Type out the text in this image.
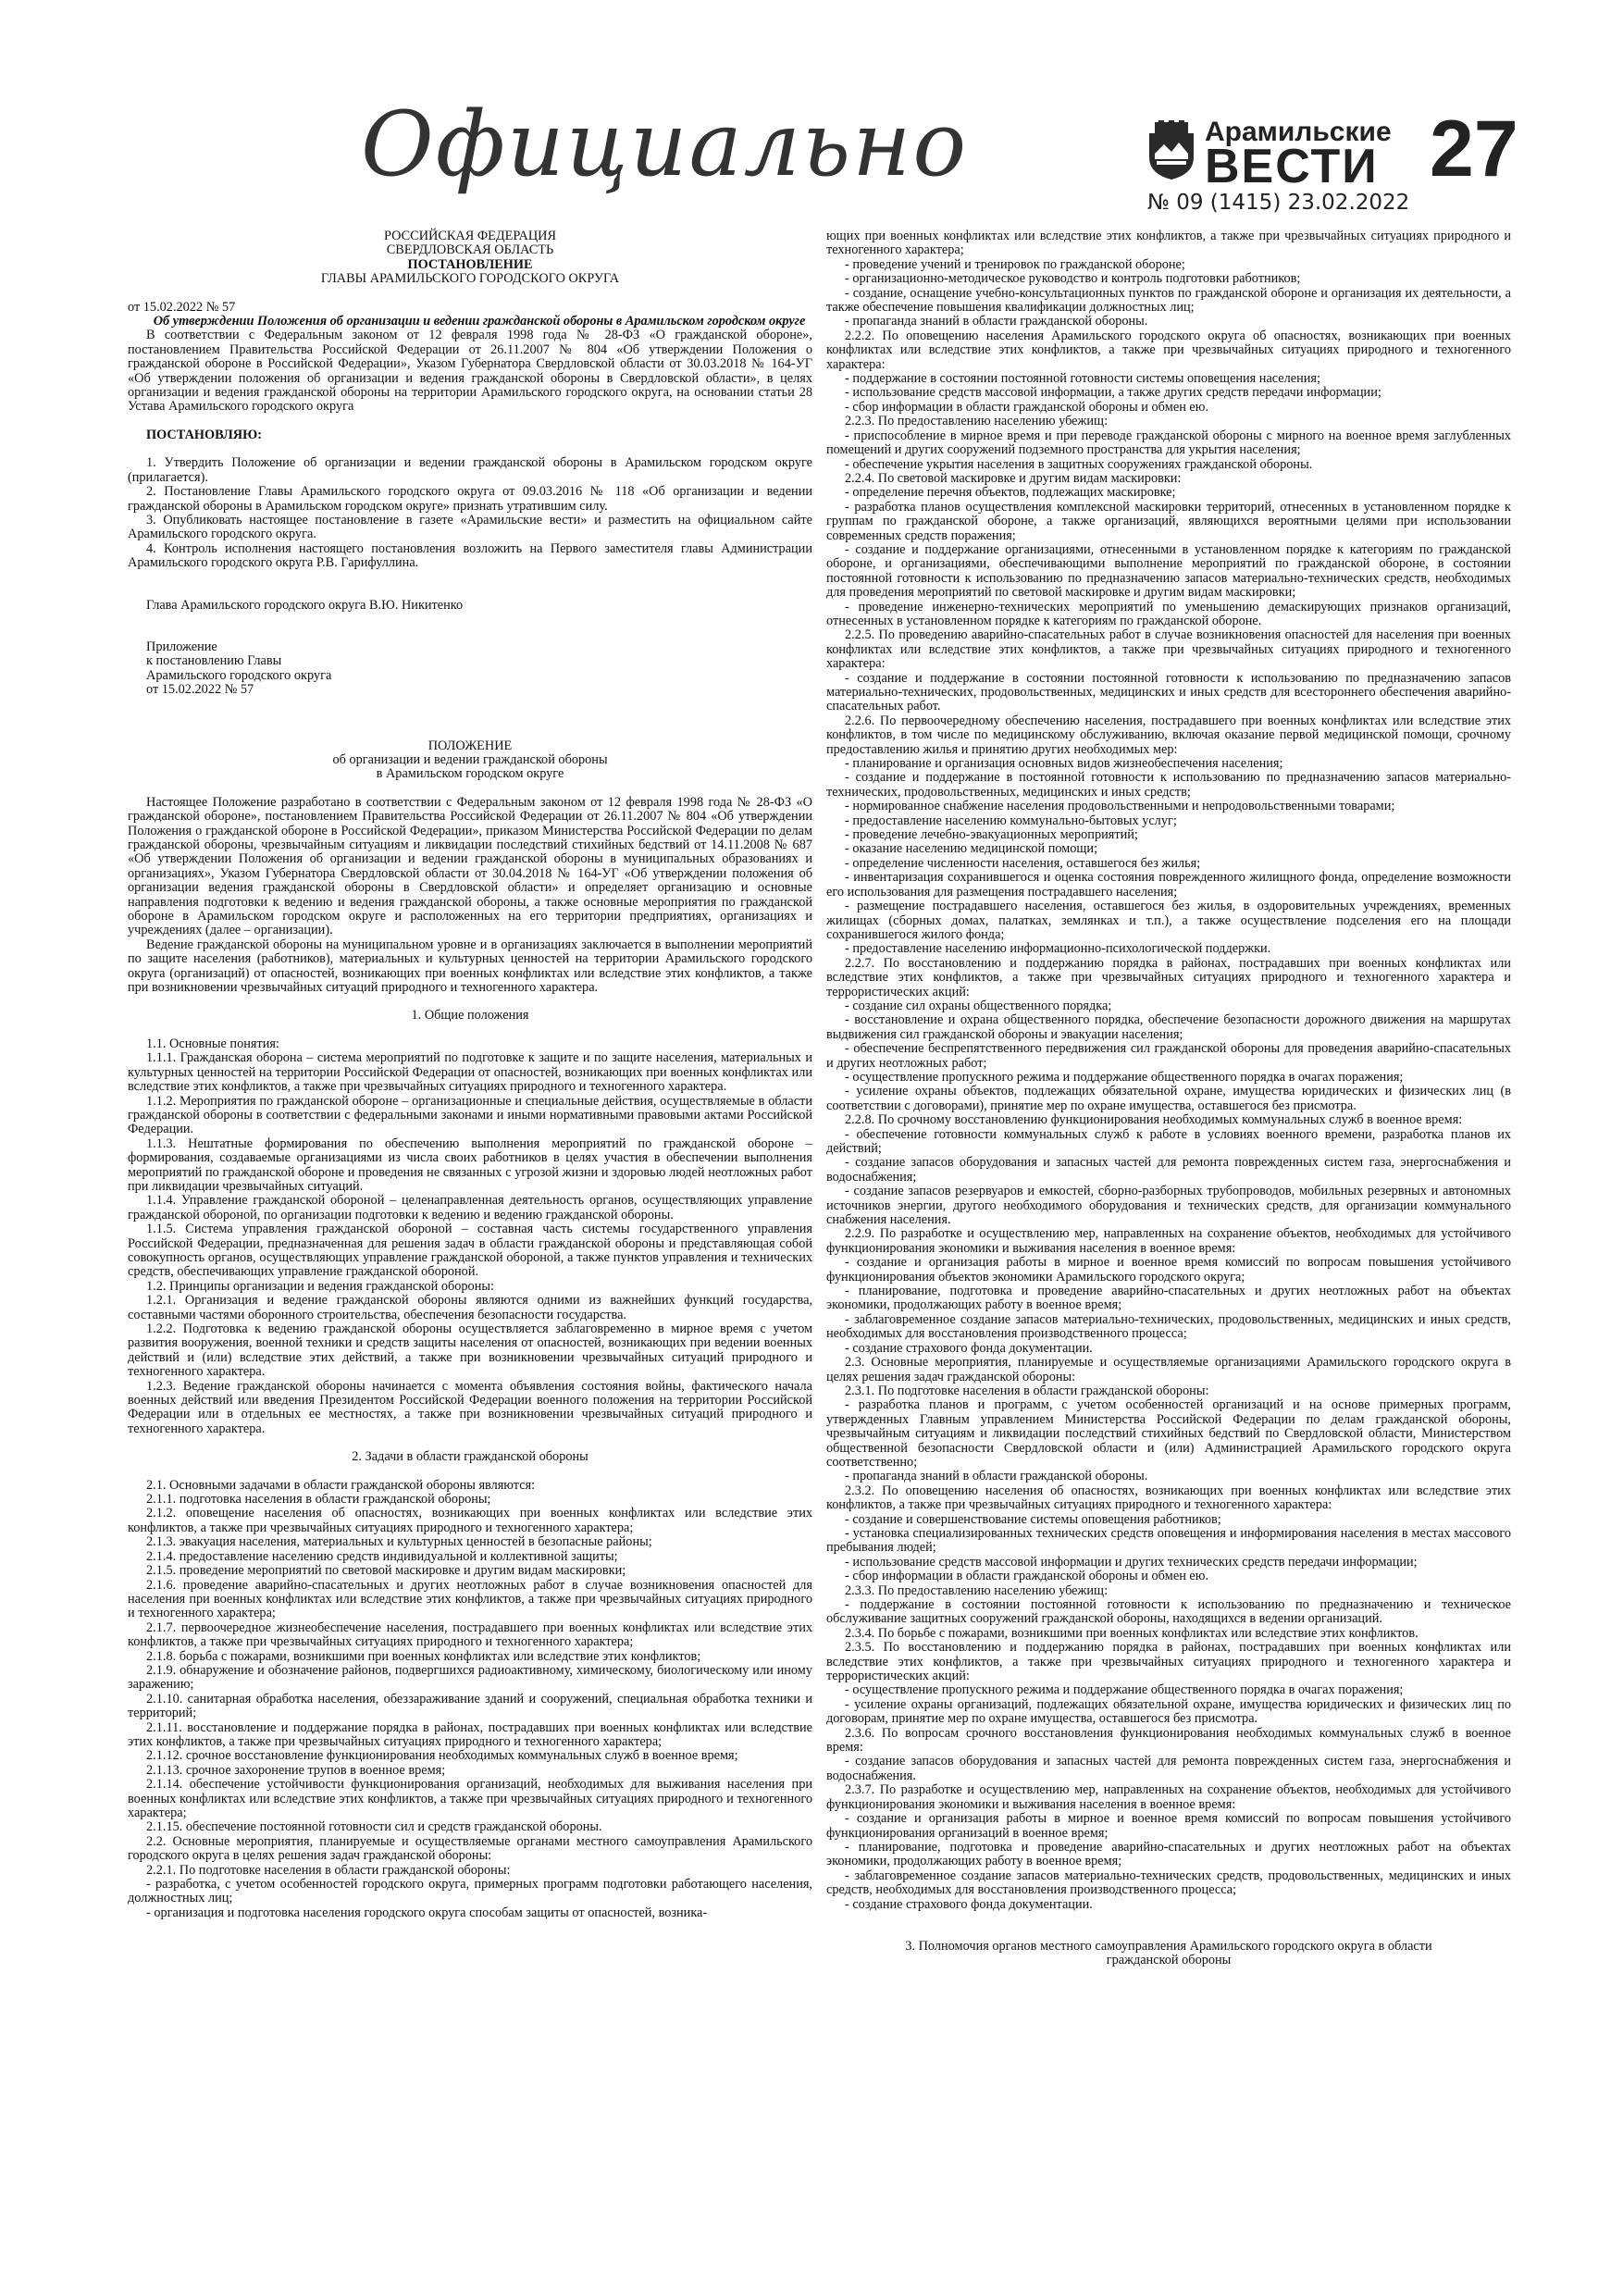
Официально	Арамильские
ВЕСТИ
№ 09 (1415) 23.02.2022
27
РОССИЙСКАЯ ФЕДЕРАЦИЯ
СВЕРДЛОВСКАЯ ОБЛАСТЬ
ПОСТАНОВЛЕНИЕ
ГЛАВЫ АРАМИЛЬСКОГО ГОРОДСКОГО ОКРУГА

от 15.02.2022 № 57

Об утверждении Положения об организации и ведении гражданской обороны в Арамильском городском округе

В соответствии с Федеральным законом от 12 февраля 1998 года № 28-ФЗ «О гражданской обороне», постановлением Правительства Российской Федерации от 26.11.2007 № 804 «Об утверждении Положения о гражданской обороне в Российской Федерации», Указом Губернатора Свердловской области от 30.03.2018 № 164-УГ «Об утверждении положения об организации и ведения гражданской обороны в Свердловской области», в целях организации и ведения гражданской обороны на территории Арамильского городского округа, на основании статьи 28 Устава Арамильского городского округа

ПОСТАНОВЛЯЮ:

1. Утвердить Положение об организации и ведении гражданской обороны в Арамильском городском округе (прилагается).

2. Постановление Главы Арамильского городского округа от 09.03.2016 № 118 «Об организации и ведении гражданской обороны в Арамильском городском округе» признать утратившим силу.

3. Опубликовать настоящее постановление в газете «Арамильские вести» и разместить на официальном сайте Арамильского городского округа.

4. Контроль исполнения настоящего постановления возложить на Первого заместителя главы Администрации Арамильского городского округа Р.В. Гарифуллина.

Глава Арамильского городского округа В.Ю. Никитенко

Приложение

к постановлению Главы

Арамильского городского округа

от 15.02.2022 № 57

ПОЛОЖЕНИЕ

об организации и ведении гражданской обороны

в Арамильском городском округе

Настоящее Положение разработано в соответствии с Федеральным законом от 12 февраля 1998 года № 28-ФЗ «О гражданской обороне», постановлением Правительства Российской Федерации от 26.11.2007 № 804 «Об утверждении Положения о гражданской обороне в Российской Федерации», приказом Министерства Российской Федерации по делам гражданской обороны, чрезвычайным ситуациям и ликвидации последствий стихийных бедствий от 14.11.2008 № 687 «Об утверждении Положения об организации и ведении гражданской обороны в муниципальных образованиях и организациях», Указом Губернатора Свердловской области от 30.04.2018 № 164-УГ «Об утверждении положения об организации ведения гражданской обороны в Свердловской области» и определяет организацию и основные направления подготовки к ведению и ведения гражданской обороны, а также основные мероприятия по гражданской обороне в Арамильском городском округе и расположенных на его территории предприятиях, организациях и учреждениях (далее – организации).

Ведение гражданской обороны на муниципальном уровне и в организациях заключается в выполнении мероприятий по защите населения (работников), материальных и культурных ценностей на территории Арамильского городского округа (организаций) от опасностей, возникающих при военных конфликтах или вследствие этих конфликтов, а также при возникновении чрезвычайных ситуаций природного и техногенного характера.

1. Общие положения

1.1. Основные понятия:

1.1.1. Гражданская оборона – система мероприятий по подготовке к защите и по защите населения, материальных и культурных ценностей на территории Российской Федерации от опасностей, возникающих при военных конфликтах или вследствие этих конфликтов, а также при чрезвычайных ситуациях природного и техногенного характера.

1.1.2. Мероприятия по гражданской обороне – организационные и специальные действия, осуществляемые в области гражданской обороны в соответствии с федеральными законами и иными нормативными правовыми актами Российской Федерации.

1.1.3. Нештатные формирования по обеспечению выполнения мероприятий по гражданской обороне – формирования, создаваемые организациями из числа своих работников в целях участия в обеспечении выполнения мероприятий по гражданской обороне и проведения не связанных с угрозой жизни и здоровью людей неотложных работ при ликвидации чрезвычайных ситуаций.

1.1.4. Управление гражданской обороной – целенаправленная деятельность органов, осуществляющих управление гражданской обороной, по организации подготовки к ведению и ведению гражданской обороны.

1.1.5. Система управления гражданской обороной – составная часть системы государственного управления Российской Федерации, предназначенная для решения задач в области гражданской обороны и представляющая собой совокупность органов, осуществляющих управление гражданской обороной, а также пунктов управления и технических средств, обеспечивающих управление гражданской обороной.

1.2. Принципы организации и ведения гражданской обороны:

1.2.1. Организация и ведение гражданской обороны являются одними из важнейших функций государства, составными частями оборонного строительства, обеспечения безопасности государства.

1.2.2. Подготовка к ведению гражданской обороны осуществляется заблаговременно в мирное время с учетом развития вооружения, военной техники и средств защиты населения от опасностей, возникающих при ведении военных действий и (или) вследствие этих действий, а также при возникновении чрезвычайных ситуаций природного и техногенного характера.

1.2.3. Ведение гражданской обороны начинается с момента объявления состояния войны, фактического начала военных действий или введения Президентом Российской Федерации военного положения на территории Российской Федерации или в отдельных ее местностях, а также при возникновении чрезвычайных ситуаций природного и техногенного характера.

2. Задачи в области гражданской обороны

2.1. Основными задачами в области гражданской обороны являются:

2.1.1. подготовка населения в области гражданской обороны;

2.1.2. оповещение населения об опасностях, возникающих при военных конфликтах или вследствие этих конфликтов, а также при чрезвычайных ситуациях природного и техногенного характера;

2.1.3. эвакуация населения, материальных и культурных ценностей в безопасные районы;

2.1.4. предоставление населению средств индивидуальной и коллективной защиты;

2.1.5. проведение мероприятий по световой маскировке и другим видам маскировки;

2.1.6. проведение аварийно-спасательных и других неотложных работ в случае возникновения опасностей для населения при военных конфликтах или вследствие этих конфликтов, а также при чрезвычайных ситуациях природного и техногенного характера;

2.1.7. первоочередное жизнеобеспечение населения, пострадавшего при военных конфликтах или вследствие этих конфликтов, а также при чрезвычайных ситуациях природного и техногенного характера;

2.1.8. борьба с пожарами, возникшими при военных конфликтах или вследствие этих конфликтов;

2.1.9. обнаружение и обозначение районов, подвергшихся радиоактивному, химическому, биологическому или иному заражению;

2.1.10. санитарная обработка населения, обеззараживание зданий и сооружений, специальная обработка техники и территорий;

2.1.11. восстановление и поддержание порядка в районах, пострадавших при военных конфликтах или вследствие этих конфликтов, а также при чрезвычайных ситуациях природного и техногенного характера;

2.1.12. срочное восстановление функционирования необходимых коммунальных служб в военное время;

2.1.13. срочное захоронение трупов в военное время;

2.1.14. обеспечение устойчивости функционирования организаций, необходимых для выживания населения при военных конфликтах или вследствие этих конфликтов, а также при чрезвычайных ситуациях природного и техногенного характера;

2.1.15. обеспечение постоянной готовности сил и средств гражданской обороны.

2.2. Основные мероприятия, планируемые и осуществляемые органами местного самоуправления Арамильского городского округа в целях решения задач гражданской обороны:

2.2.1. По подготовке населения в области гражданской обороны:

- разработка, с учетом особенностей городского округа, примерных программ подготовки работающего населения, должностных лиц;

- организация и подготовка населения городского округа способам защиты от опасностей, возника-

ющих при военных конфликтах или вследствие этих конфликтов, а также при чрезвычайных ситуациях природного и техногенного характера;

- проведение учений и тренировок по гражданской обороне;

- организационно-методическое руководство и контроль подготовки работников;

- создание, оснащение учебно-консультационных пунктов по гражданской обороне и организация их деятельности, а также обеспечение повышения квалификации должностных лиц;

- пропаганда знаний в области гражданской обороны.

2.2.2. По оповещению населения Арамильского городского округа об опасностях, возникающих при военных конфликтах или вследствие этих конфликтов, а также при чрезвычайных ситуациях природного и техногенного характера:

- поддержание в состоянии постоянной готовности системы оповещения населения;

- использование средств массовой информации, а также других средств передачи информации;

- сбор информации в области гражданской обороны и обмен ею.

2.2.3. По предоставлению населению убежищ:

- приспособление в мирное время и при переводе гражданской обороны с мирного на военное время заглубленных помещений и других сооружений подземного пространства для укрытия населения;

- обеспечение укрытия населения в защитных сооружениях гражданской обороны.

2.2.4. По световой маскировке и другим видам маскировки:

- определение перечня объектов, подлежащих маскировке;

- разработка планов осуществления комплексной маскировки территорий, отнесенных в установленном порядке к группам по гражданской обороне, а также организаций, являющихся вероятными целями при использовании современных средств поражения;

- создание и поддержание организациями, отнесенными в установленном порядке к категориям по гражданской обороне, и организациями, обеспечивающими выполнение мероприятий по гражданской обороне, в состоянии постоянной готовности к использованию по предназначению запасов материально-технических средств, необходимых для проведения мероприятий по световой маскировке и другим видам маскировки;

- проведение инженерно-технических мероприятий по уменьшению демаскирующих признаков организаций, отнесенных в установленном порядке к категориям по гражданской обороне.

2.2.5. По проведению аварийно-спасательных работ в случае возникновения опасностей для населения при военных конфликтах или вследствие этих конфликтов, а также при чрезвычайных ситуациях природного и техногенного характера:

- создание и поддержание в состоянии постоянной готовности к использованию по предназначению запасов материально-технических, продовольственных, медицинских и иных средств для всестороннего обеспечения аварийно-спасательных работ.

2.2.6. По первоочередному обеспечению населения, пострадавшего при военных конфликтах или вследствие этих конфликтов, в том числе по медицинскому обслуживанию, включая оказание первой медицинской помощи, срочному предоставлению жилья и принятию других необходимых мер:

- планирование и организация основных видов жизнеобеспечения населения;

- создание и поддержание в постоянной готовности к использованию по предназначению запасов материально-технических, продовольственных, медицинских и иных средств;

- нормированное снабжение населения продовольственными и непродовольственными товарами;

- предоставление населению коммунально-бытовых услуг;

- проведение лечебно-эвакуационных мероприятий;

- оказание населению медицинской помощи;

- определение численности населения, оставшегося без жилья;

- инвентаризация сохранившегося и оценка состояния поврежденного жилищного фонда, определение возможности его использования для размещения пострадавшего населения;

- размещение пострадавшего населения, оставшегося без жилья, в оздоровительных учреждениях, временных жилищах (сборных домах, палатках, землянках и т.п.), а также осуществление подселения его на площади сохранившегося жилого фонда;

- предоставление населению информационно-психологической поддержки.

2.2.7. По восстановлению и поддержанию порядка в районах, пострадавших при военных конфликтах или вследствие этих конфликтов, а также при чрезвычайных ситуациях природного и техногенного характера и террористических акций:

- создание сил охраны общественного порядка;

- восстановление и охрана общественного порядка, обеспечение безопасности дорожного движения на маршрутах выдвижения сил гражданской обороны и эвакуации населения;

- обеспечение беспрепятственного передвижения сил гражданской обороны для проведения аварийно-спасательных и других неотложных работ;

- осуществление пропускного режима и поддержание общественного порядка в очагах поражения;

- усиление охраны объектов, подлежащих обязательной охране, имущества юридических и физических лиц (в соответствии с договорами), принятие мер по охране имущества, оставшегося без присмотра.

2.2.8. По срочному восстановлению функционирования необходимых коммунальных служб в военное время:

- обеспечение готовности коммунальных служб к работе в условиях военного времени, разработка планов их действий;

- создание запасов оборудования и запасных частей для ремонта поврежденных систем газа, энергоснабжения и водоснабжения;

- создание запасов резервуаров и емкостей, сборно-разборных трубопроводов, мобильных резервных и автономных источников энергии, другого необходимого оборудования и технических средств, для организации коммунального снабжения населения.

2.2.9. По разработке и осуществлению мер, направленных на сохранение объектов, необходимых для устойчивого функционирования экономики и выживания населения в военное время:

- создание и организация работы в мирное и военное время комиссий по вопросам повышения устойчивого функционирования объектов экономики Арамильского городского округа;

- планирование, подготовка и проведение аварийно-спасательных и других неотложных работ на объектах экономики, продолжающих работу в военное время;

- заблаговременное создание запасов материально-технических, продовольственных, медицинских и иных средств, необходимых для восстановления производственного процесса;

- создание страхового фонда документации.

2.3. Основные мероприятия, планируемые и осуществляемые организациями Арамильского городского округа в целях решения задач гражданской обороны:

2.3.1. По подготовке населения в области гражданской обороны:

- разработка планов и программ, с учетом особенностей организаций и на основе примерных программ, утвержденных Главным управлением Министерства Российской Федерации по делам гражданской обороны, чрезвычайным ситуациям и ликвидации последствий стихийных бедствий по Свердловской области, Министерством общественной безопасности Свердловской области и (или) Администрацией Арамильского городского округа соответственно;

- пропаганда знаний в области гражданской обороны.

2.3.2. По оповещению населения об опасностях, возникающих при военных конфликтах или вследствие этих конфликтов, а также при чрезвычайных ситуациях природного и техногенного характера:

- создание и совершенствование системы оповещения работников;

- установка специализированных технических средств оповещения и информирования населения в местах массового пребывания людей;

- использование средств массовой информации и других технических средств передачи информации;

- сбор информации в области гражданской обороны и обмен ею.

2.3.3. По предоставлению населению убежищ:

- поддержание в состоянии постоянной готовности к использованию по предназначению и техническое обслуживание защитных сооружений гражданской обороны, находящихся в ведении организаций.

2.3.4. По борьбе с пожарами, возникшими при военных конфликтах или вследствие этих конфликтов.

2.3.5. По восстановлению и поддержанию порядка в районах, пострадавших при военных конфликтах или вследствие этих конфликтов, а также при чрезвычайных ситуациях природного и техногенного характера и террористических акций:

- осуществление пропускного режима и поддержание общественного порядка в очагах поражения;

- усиление охраны организаций, подлежащих обязательной охране, имущества юридических и физических лиц по договорам, принятие мер по охране имущества, оставшегося без присмотра.

2.3.6. По вопросам срочного восстановления функционирования необходимых коммунальных служб в военное время:

- создание запасов оборудования и запасных частей для ремонта поврежденных систем газа, энергоснабжения и водоснабжения.

2.3.7. По разработке и осуществлению мер, направленных на сохранение объектов, необходимых для устойчивого функционирования экономики и выживания населения в военное время:

- создание и организация работы в мирное и военное время комиссий по вопросам повышения устойчивого функционирования организаций в военное время;

- планирование, подготовка и проведение аварийно-спасательных и других неотложных работ на объектах экономики, продолжающих работу в военное время;

- заблаговременное создание запасов материально-технических средств, продовольственных, медицинских и иных средств, необходимых для восстановления производственного процесса;

- создание страхового фонда документации.

3. Полномочия органов местного самоуправления Арамильского городского округа в области гражданской обороны
